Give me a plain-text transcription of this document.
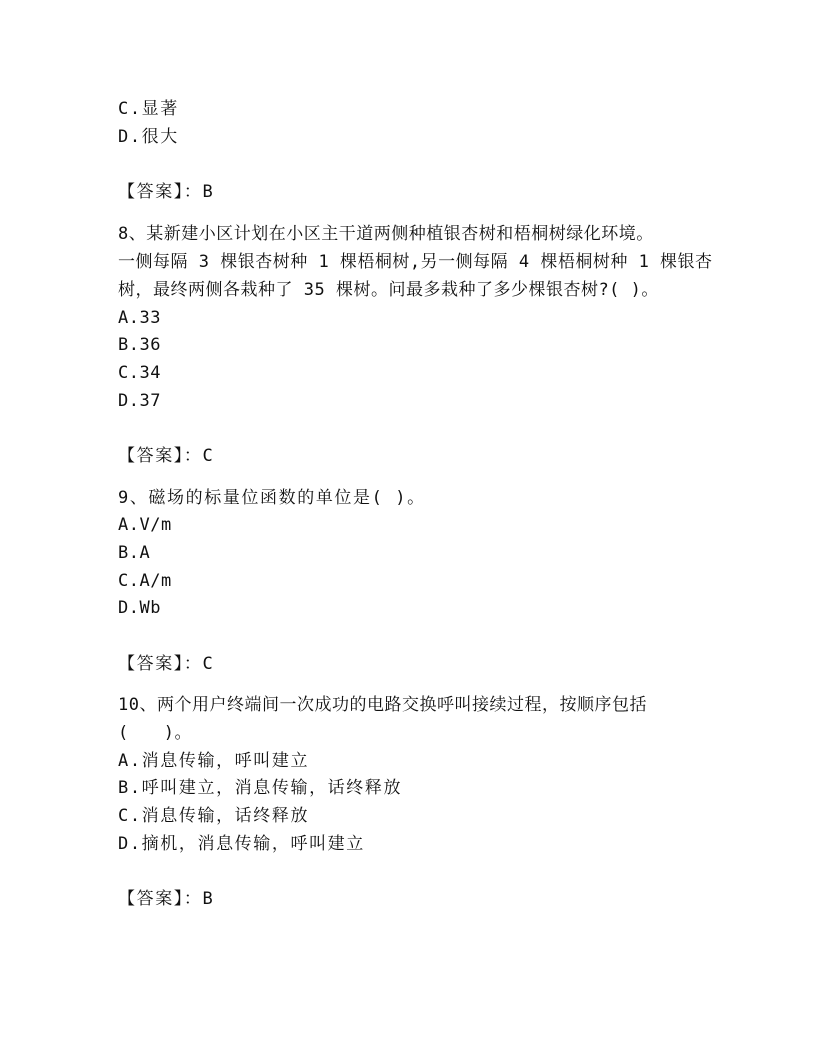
C.显著
D.很大
【答案】：B
8、某新建小区计划在小区主干道两侧种植银杏树和梧桐树绿化环境。
一侧每隔 3 棵银杏树种 1 棵梧桐树,另一侧每隔 4 棵梧桐树种 1 棵银杏
树，最终两侧各栽种了 35 棵树。问最多栽种了多少棵银杏树?( )。
A.33
B.36
C.34
D.37
【答案】：C
9、磁场的标量位函数的单位是( )。
A.V/m
B.A
C.A/m
D.Wb
【答案】：C
10、两个用户终端间一次成功的电路交换呼叫接续过程，按顺序包括
(　　)。
A.消息传输，呼叫建立
B.呼叫建立，消息传输，话终释放
C.消息传输，话终释放
D.摘机，消息传输，呼叫建立
【答案】：B
